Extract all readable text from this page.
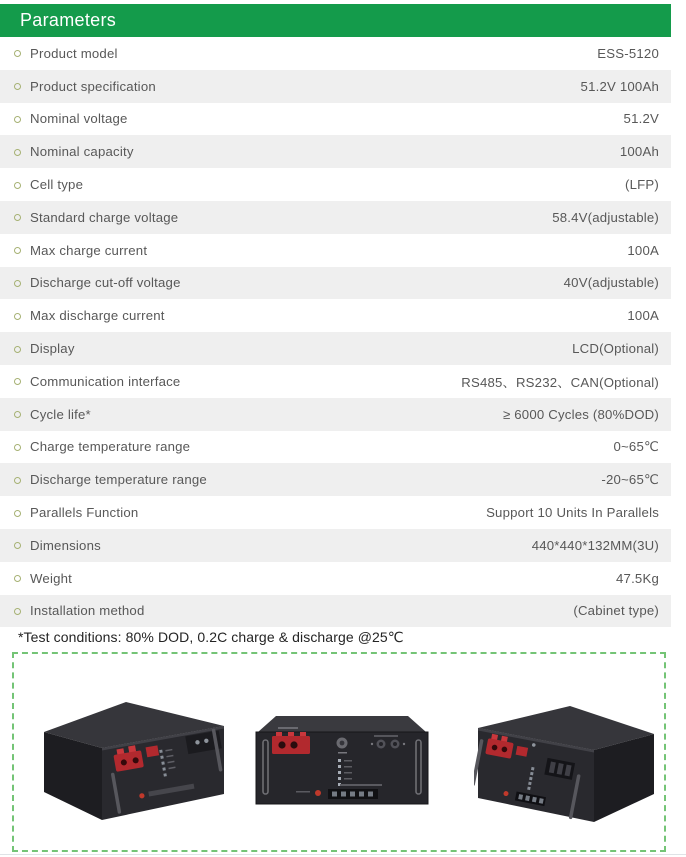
Parameters
Product model	ESS-5120
Product specification	51.2V 100Ah
Nominal voltage	51.2V
Nominal capacity	100Ah
Cell type	(LFP)
Standard charge voltage	58.4V(adjustable)
Max charge current	100A
Discharge cut-off voltage	40V(adjustable)
Max discharge current	100A
Display	LCD(Optional)
Communication interface	RS485、RS232、CAN(Optional)
Cycle life*	≥ 6000 Cycles (80%DOD)
Charge temperature range	0~65℃
Discharge temperature range	-20~65℃
Parallels Function	Support 10 Units In Parallels
Dimensions	440*440*132MM(3U)
Weight	47.5Kg
Installation method	(Cabinet type)
*Test conditions: 80% DOD, 0.2C charge & discharge @25℃
